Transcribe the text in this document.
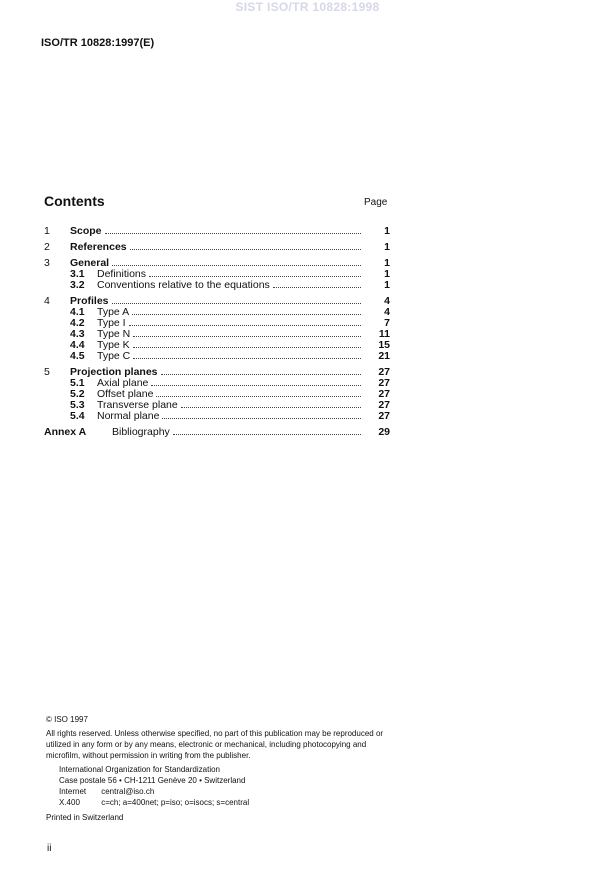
SIST ISO/TR 10828:1998
ISO/TR 10828:1997(E)
Contents	Page
1	Scope	1
2	References	1
3	General	1
3.1	Definitions	1
3.2	Conventions relative to the equations	1
4	Profiles	4
4.1	Type A	4
4.2	Type I	7
4.3	Type N	11
4.4	Type K	15
4.5	Type C	21
5	Projection planes	27
5.1	Axial plane	27
5.2	Offset plane	27
5.3	Transverse plane	27
5.4	Normal plane	27
Annex A	Bibliography	29

© ISO 1997

All rights reserved. Unless otherwise specified, no part of this publication may be reproduced or utilized in any form or by any means, electronic or mechanical, including photocopying and microfilm, without permission in writing from the publisher.

International Organization for Standardization

Case postale 56 • CH-1211 Genève 20 • Switzerland

Internet central@iso.ch

X.400	c=ch; a=400net; p=iso; o=isocs; s=central

Printed in Switzerland

ii
